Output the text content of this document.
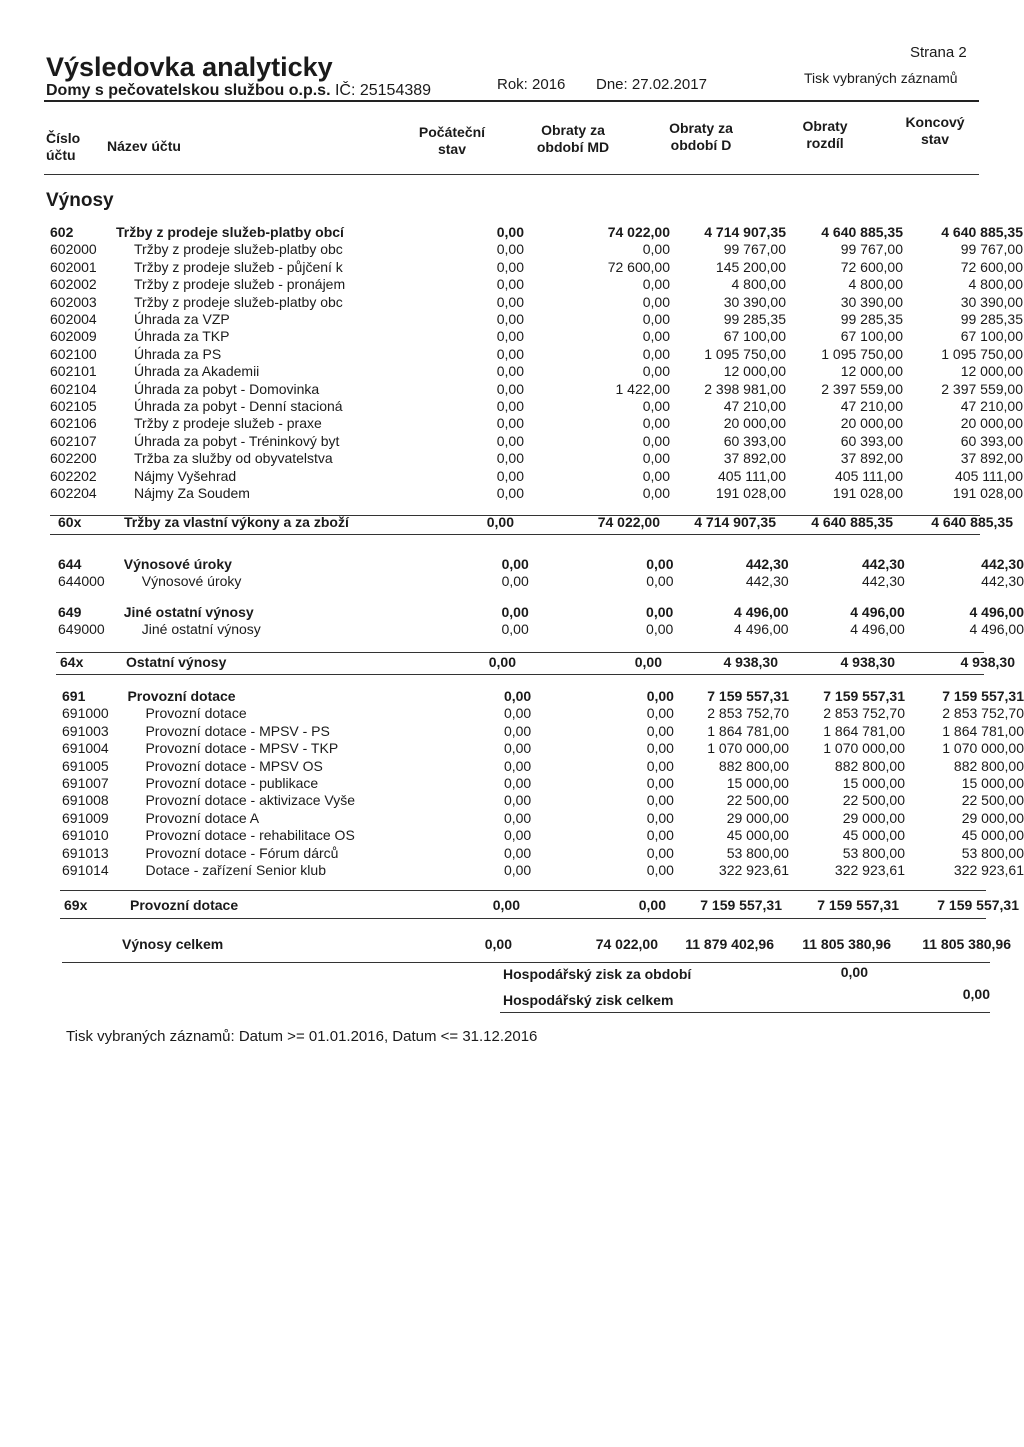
Výsledovka analyticky
Domy s pečovatelskou službou o.p.s. IČ: 25154389	Rok: 2016 Dne: 27.02.2017
Strana 2
Tisk vybraných záznamů
Číslo
účtu
Název účtu
Počáteční
stav
Obraty za
období MD
Obraty za
období D
Obraty
rozdíl
Koncový
stav
Výnosy
602	Tržby z prodeje služeb-platby obcí	0,00	74 022,00	4 714 907,35	4 640 885,35	4 640 885,35
602000	Tržby z prodeje služeb-platby obc	0,00	0,00	99 767,00	99 767,00	99 767,00
602001	Tržby z prodeje služeb - půjčení k	0,00	72 600,00	145 200,00	72 600,00	72 600,00
602002	Tržby z prodeje služeb - pronájem	0,00	0,00	4 800,00	4 800,00	4 800,00
602003	Tržby z prodeje služeb-platby obc	0,00	0,00	30 390,00	30 390,00	30 390,00
602004	Úhrada za VZP	0,00	0,00	99 285,35	99 285,35	99 285,35
602009	Úhrada za TKP	0,00	0,00	67 100,00	67 100,00	67 100,00
602100	Úhrada za PS	0,00	0,00	1 095 750,00	1 095 750,00	1 095 750,00
602101	Úhrada za Akademii	0,00	0,00	12 000,00	12 000,00	12 000,00
602104	Úhrada za pobyt - Domovinka	0,00	1 422,00	2 398 981,00	2 397 559,00	2 397 559,00
602105	Úhrada za pobyt - Denní stacioná	0,00	0,00	47 210,00	47 210,00	47 210,00
602106	Tržby z prodeje služeb - praxe	0,00	0,00	20 000,00	20 000,00	20 000,00
602107	Úhrada za pobyt - Tréninkový byt	0,00	0,00	60 393,00	60 393,00	60 393,00
602200	Tržba za služby od obyvatelstva	0,00	0,00	37 892,00	37 892,00	37 892,00
602202	Nájmy Vyšehrad	0,00	0,00	405 111,00	405 111,00	405 111,00
602204	Nájmy Za Soudem	0,00	0,00	191 028,00	191 028,00	191 028,00
60x	Tržby za vlastní výkony a za zboží	0,00	74 022,00	4 714 907,35	4 640 885,35	4 640 885,35
644	Výnosové úroky	0,00	0,00	442,30	442,30	442,30
644000	Výnosové úroky	0,00	0,00	442,30	442,30	442,30
649	Jiné ostatní výnosy	0,00	0,00	4 496,00	4 496,00	4 496,00
649000	Jiné ostatní výnosy	0,00	0,00	4 496,00	4 496,00	4 496,00
64x	Ostatní výnosy	0,00	0,00	4 938,30	4 938,30	4 938,30
691	Provozní dotace	0,00	0,00	7 159 557,31	7 159 557,31	7 159 557,31
691000	Provozní dotace	0,00	0,00	2 853 752,70	2 853 752,70	2 853 752,70
691003	Provozní dotace - MPSV - PS	0,00	0,00	1 864 781,00	1 864 781,00	1 864 781,00
691004	Provozní dotace - MPSV - TKP	0,00	0,00	1 070 000,00	1 070 000,00	1 070 000,00
691005	Provozní dotace - MPSV OS	0,00	0,00	882 800,00	882 800,00	882 800,00
691007	Provozní dotace - publikace	0,00	0,00	15 000,00	15 000,00	15 000,00
691008	Provozní dotace - aktivizace Vyše	0,00	0,00	22 500,00	22 500,00	22 500,00
691009	Provozní dotace A	0,00	0,00	29 000,00	29 000,00	29 000,00
691010	Provozní dotace - rehabilitace OS	0,00	0,00	45 000,00	45 000,00	45 000,00
691013	Provozní dotace - Fórum dárců	0,00	0,00	53 800,00	53 800,00	53 800,00
691014	Dotace - zařízení Senior klub	0,00	0,00	322 923,61	322 923,61	322 923,61
69x	Provozní dotace	0,00	0,00	7 159 557,31	7 159 557,31	7 159 557,31
	Výnosy celkem	0,00	74 022,00	11 879 402,96	11 805 380,96	11 805 380,96
Hospodářský zisk za období	0,00
Hospodářský zisk celkem	0,00
Tisk vybraných záznamů: Datum >= 01.01.2016, Datum <= 31.12.2016
